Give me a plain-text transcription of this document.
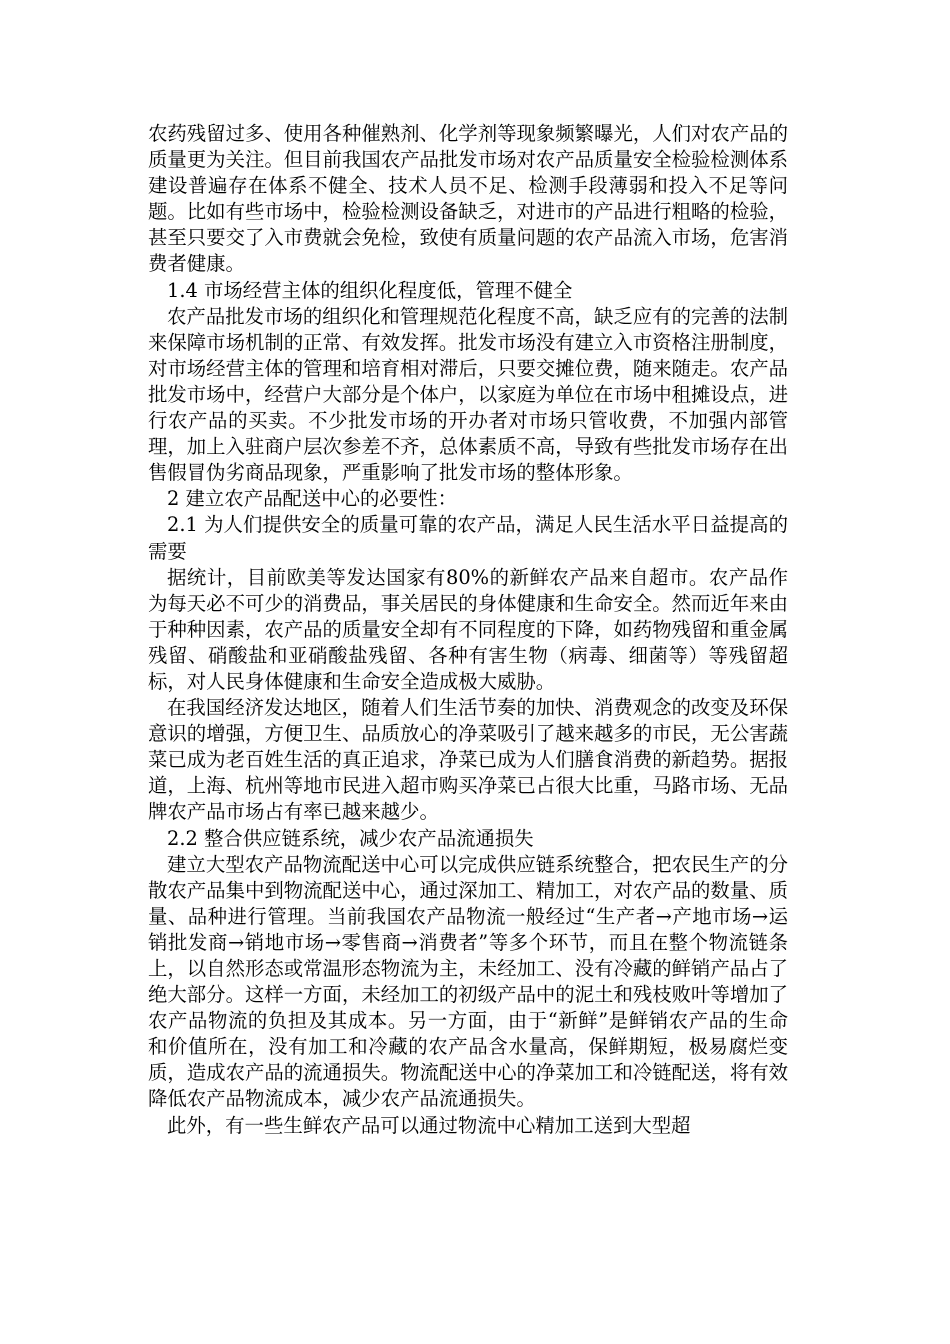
农药残留过多、使用各种催熟剂、化学剂等现象频繁曝光，人们对农产品的质量更为关注。但目前我国农产品批发市场对农产品质量安全检验检测体系建设普遍存在体系不健全、技术人员不足、检测手段薄弱和投入不足等问题。比如有些市场中，检验检测设备缺乏，对进市的产品进行粗略的检验，甚至只要交了入市费就会免检，致使有质量问题的农产品流入市场，危害消费者健康。

1.4 市场经营主体的组织化程度低，管理不健全

农产品批发市场的组织化和管理规范化程度不高，缺乏应有的完善的法制来保障市场机制的正常、有效发挥。批发市场没有建立入市资格注册制度，对市场经营主体的管理和培育相对滞后，只要交摊位费，随来随走。农产品批发市场中，经营户大部分是个体户，以家庭为单位在市场中租摊设点，进行农产品的买卖。不少批发市场的开办者对市场只管收费，不加强内部管理，加上入驻商户层次参差不齐，总体素质不高，导致有些批发市场存在出售假冒伪劣商品现象，严重影响了批发市场的整体形象。

2 建立农产品配送中心的必要性：

2.1 为人们提供安全的质量可靠的农产品，满足人民生活水平日益提高的需要

据统计，目前欧美等发达国家有80%的新鲜农产品来自超市。农产品作为每天必不可少的消费品，事关居民的身体健康和生命安全。然而近年来由于种种因素，农产品的质量安全却有不同程度的下降，如药物残留和重金属残留、硝酸盐和亚硝酸盐残留、各种有害生物（病毒、细菌等）等残留超标，对人民身体健康和生命安全造成极大威胁。

在我国经济发达地区，随着人们生活节奏的加快、消费观念的改变及环保意识的增强，方便卫生、品质放心的净菜吸引了越来越多的市民，无公害蔬菜已成为老百姓生活的真正追求，净菜已成为人们膳食消费的新趋势。据报道，上海、杭州等地市民进入超市购买净菜已占很大比重，马路市场、无品牌农产品市场占有率已越来越少。

2.2 整合供应链系统，减少农产品流通损失

建立大型农产品物流配送中心可以完成供应链系统整合，把农民生产的分散农产品集中到物流配送中心，通过深加工、精加工，对农产品的数量、质量、品种进行管理。当前我国农产品物流一般经过“生产者→产地市场→运销批发商→销地市场→零售商→消费者”等多个环节，而且在整个物流链条上，以自然形态或常温形态物流为主，未经加工、没有冷藏的鲜销产品占了绝大部分。这样一方面，未经加工的初级产品中的泥土和残枝败叶等增加了农产品物流的负担及其成本。另一方面，由于“新鲜”是鲜销农产品的生命和价值所在，没有加工和冷藏的农产品含水量高，保鲜期短，极易腐烂变质，造成农产品的流通损失。物流配送中心的净菜加工和冷链配送，将有效降低农产品物流成本，减少农产品流通损失。

此外，有一些生鲜农产品可以通过物流中心精加工送到大型超
